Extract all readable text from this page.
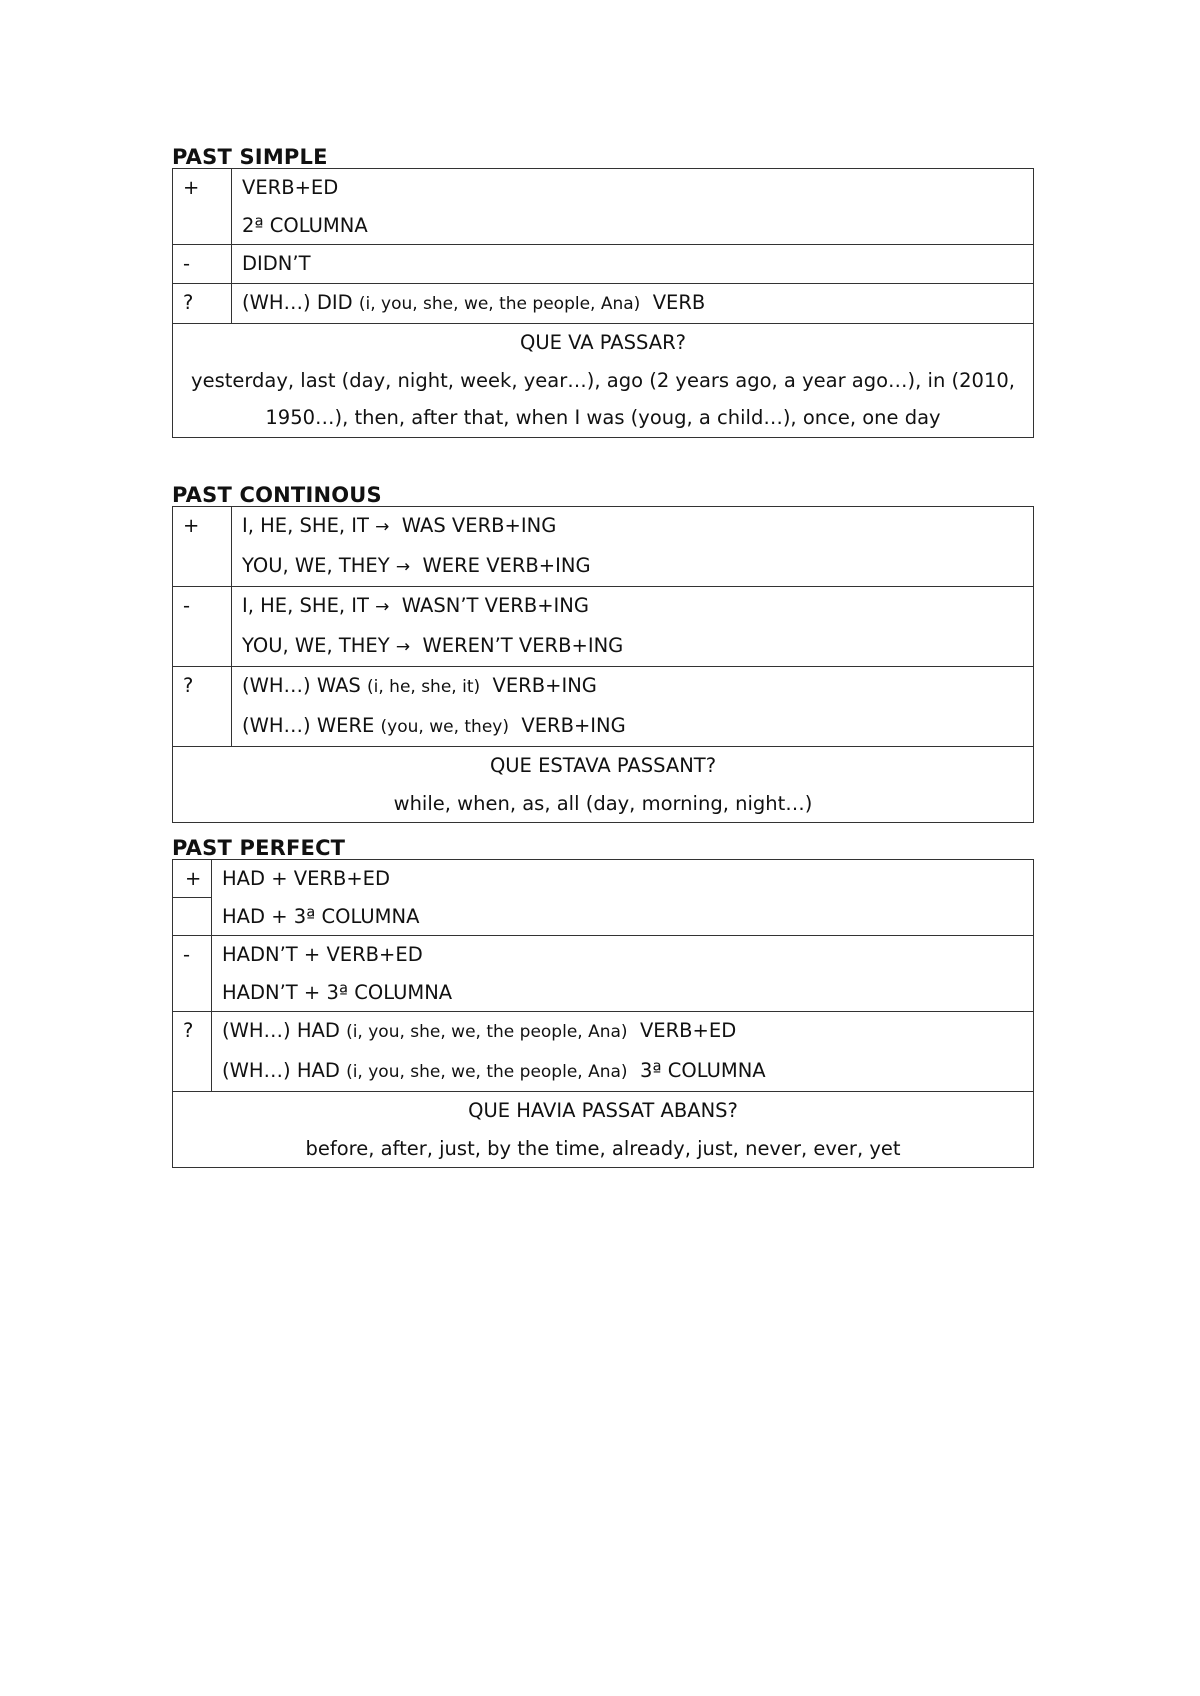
PAST SIMPLE
+	VERB+ED
2ª COLUMNA

-	DIDN’T

?	(WH…) DID (i, you, she, we, the people, Ana)  VERB

QUE VA PASSAR?
yesterday, last (day, night, week, year…), ago (2 years ago, a year ago…), in (2010, 1950…), then, after that, when I was (youg, a child…), once, one day	
PAST CONTINOUS
+	I, HE, SHE, IT →  WAS VERB+ING
YOU, WE, THEY →  WERE VERB+ING

-	I, HE, SHE, IT →  WASN’T VERB+ING
YOU, WE, THEY →  WEREN’T VERB+ING

?	(WH…) WAS (i, he, she, it)  VERB+ING
(WH…) WERE (you, we, they)  VERB+ING

QUE ESTAVA PASSANT?
while, when, as, all (day, morning, night…)	
PAST PERFECT
+	HAD + VERB+ED
HAD + 3ª COLUMNA

-	HADN’T + VERB+ED
HADN’T + 3ª COLUMNA

?	(WH…) HAD (i, you, she, we, the people, Ana)  VERB+ED
(WH…) HAD (i, you, she, we, the people, Ana)  3ª COLUMNA

QUE HAVIA PASSAT ABANS?
before, after, just, by the time, already, just, never, ever, yet	
